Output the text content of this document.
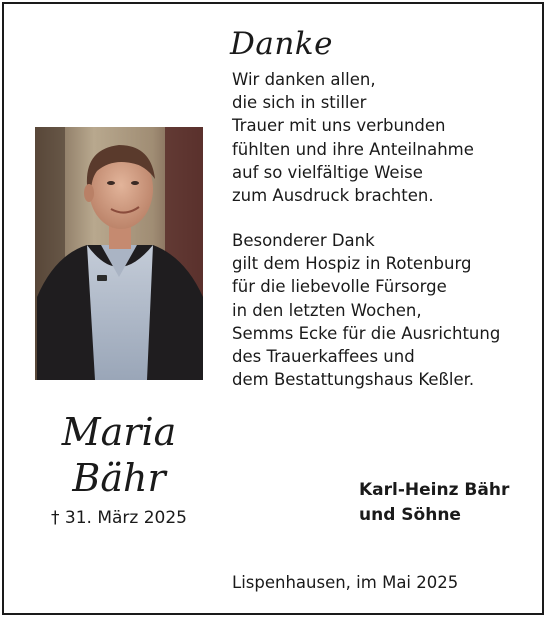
Danke
Wir danken allen,
die sich in stiller
Trauer mit uns verbunden
fühlten und ihre Anteilnahme
auf so vielfältige Weise
zum Ausdruck brachten.
Besonderer Dank
gilt dem Hospiz in Rotenburg
für die liebevolle Fürsorge
in den letzten Wochen,
Semms Ecke für die Ausrichtung
des Trauerkaffees und
dem Bestattungshaus Keßler.
Maria
Bähr
† 31. März 2025
Karl-Heinz Bähr
und Söhne
Lispenhausen, im Mai 2025
